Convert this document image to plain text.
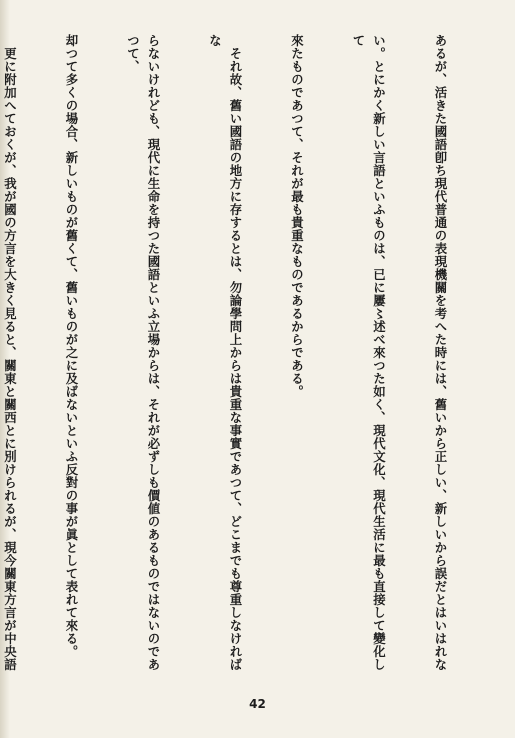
あるが、活きた國語卽ち現代普通の表現機關を考へた時には、舊いから正しい、新しいから誤だとはいはれな

い。とにかく新しい言語といふものは、已に屢〻述べ來つた如く、現代文化、現代生活に最も直接して變化して

來たものであつて、それが最も貴重なものであるからである。

　それ故、舊い國語の地方に存するとは、勿論學問上からは貴重な事實であつて、どこまでも尊重しなければな

らないけれども、現代に生命を持つた國語といふ立場からは、それが必ずしも價値のあるものではないのであつて、

却つて多くの場合、新しいものが舊くて、舊いものが之に及ばないといふ反對の事が眞として表れて來る。

　更に附加へておくが、我が國の方言を大きく見ると、關東と關西とに別けられるが、現今關東方言が中央語

42
